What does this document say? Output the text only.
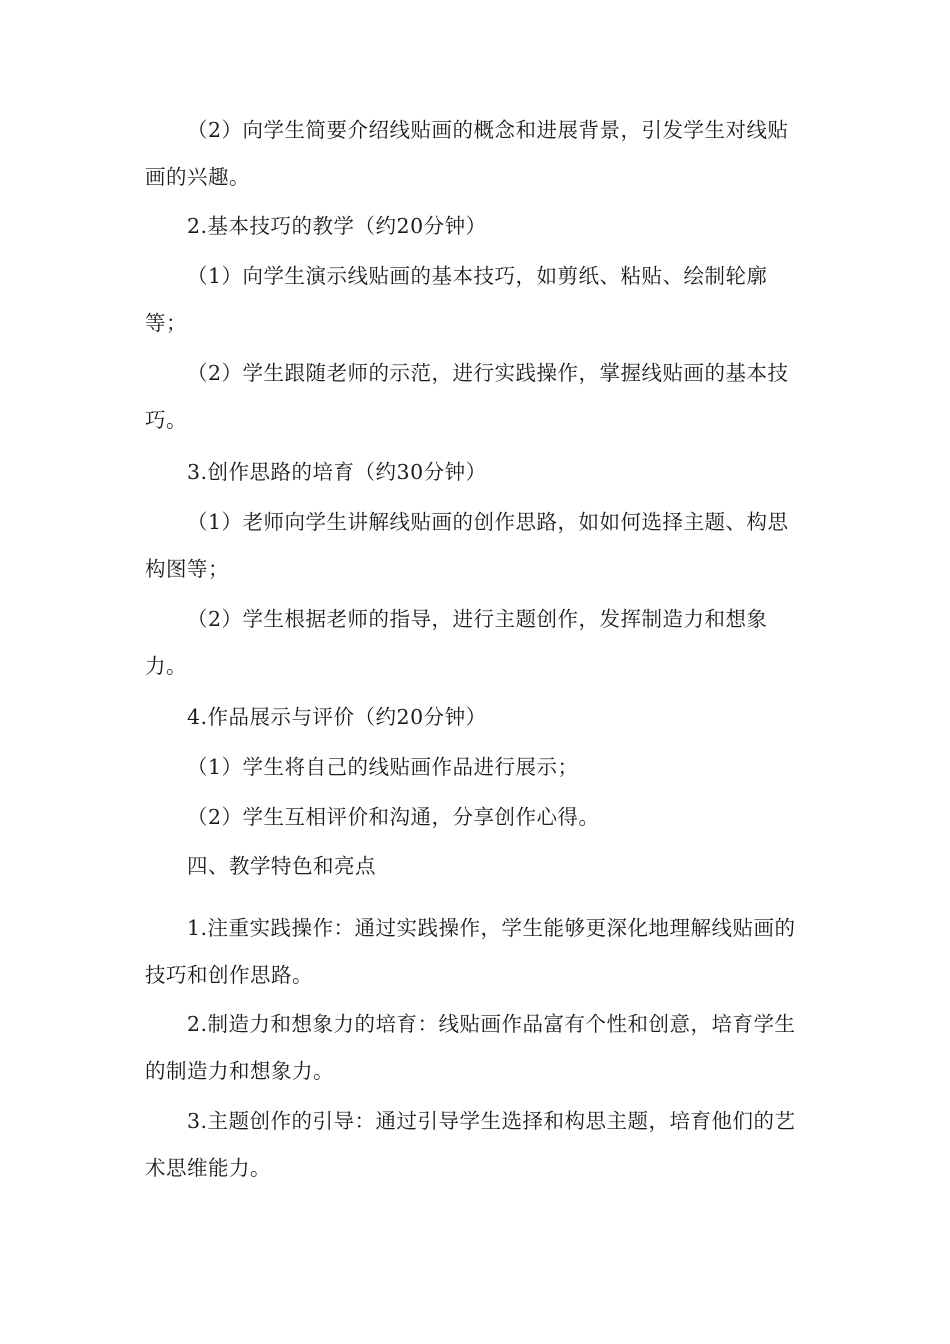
（2）向学生简要介绍线贴画的概念和进展背景，引发学生对线贴画的兴趣。

2.基本技巧的教学（约20分钟）

（1）向学生演示线贴画的基本技巧，如剪纸、粘贴、绘制轮廓等；

（2）学生跟随老师的示范，进行实践操作，掌握线贴画的基本技巧。

3.创作思路的培育（约30分钟）

（1）老师向学生讲解线贴画的创作思路，如如何选择主题、构思构图等；

（2）学生根据老师的指导，进行主题创作，发挥制造力和想象力。

4.作品展示与评价（约20分钟）

（1）学生将自己的线贴画作品进行展示；

（2）学生互相评价和沟通，分享创作心得。

四、教学特色和亮点

1.注重实践操作：通过实践操作，学生能够更深化地理解线贴画的技巧和创作思路。

2.制造力和想象力的培育：线贴画作品富有个性和创意，培育学生的制造力和想象力。

3.主题创作的引导：通过引导学生选择和构思主题，培育他们的艺术思维能力。
